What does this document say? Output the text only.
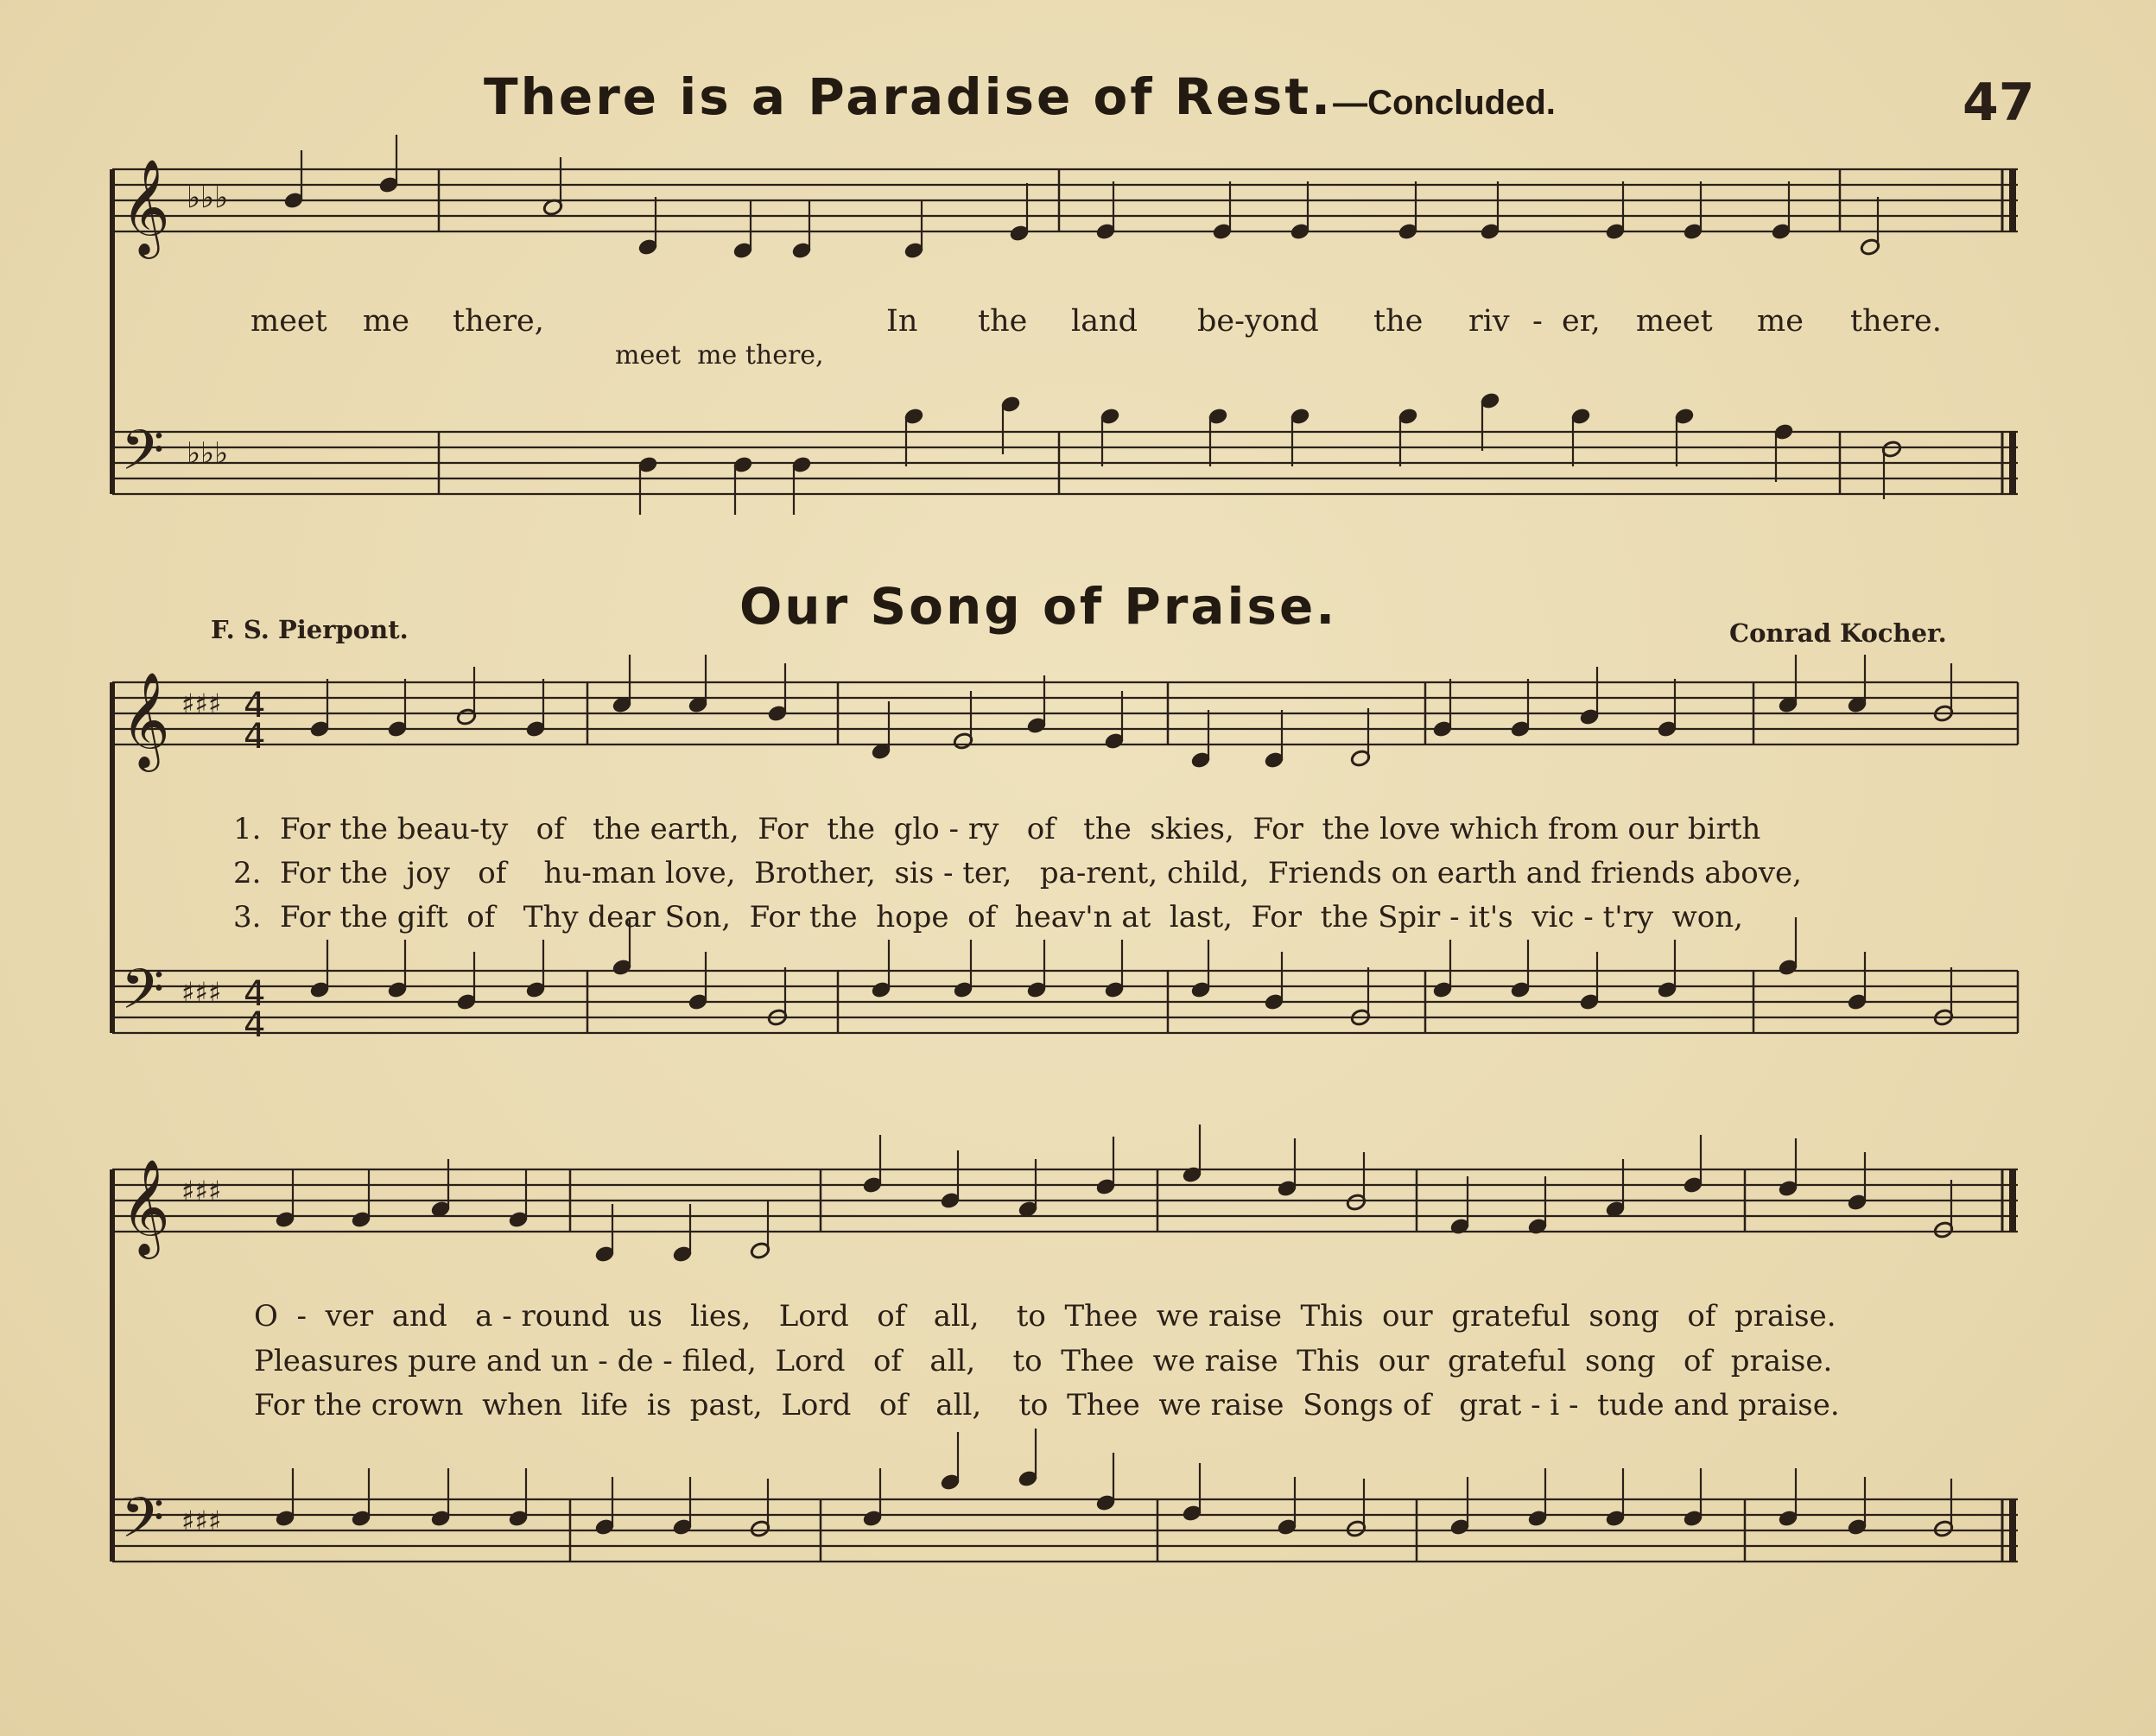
There is a Paradise of Rest.—Concluded.	47
meet me there,	In the land be-yond the riv - er, meet me there.
meet  me there,
F. S. Pierpont.	Our Song of Praise.	Conrad Kocher.
1.  For the beau-ty   of   the earth,  For  the  glo - ry   of   the  skies,  For  the love which from our birth
2.  For the  joy   of    hu-man love,  Brother,  sis - ter,   pa-rent, child,  Friends on earth and friends above,
3.  For the gift  of   Thy dear Son,  For the  hope  of  heav'n at  last,  For  the Spir - it's  vic - t'ry  won,
O  -  ver  and   a - round  us   lies,   Lord   of   all,    to  Thee  we raise  This  our  grateful  song   of  praise.
Pleasures pure and un - de - filed,  Lord   of   all,    to  Thee  we raise  This  our  grateful  song   of  praise.
For the crown  when  life  is  past,  Lord   of   all,    to  Thee  we raise  Songs of   grat - i -  tude and praise.
𝄞
𝄢
♭♭♭
♭♭♭
𝄞
𝄢
♯♯♯
♯♯♯
4
4
4
4
𝄞
𝄢
♯♯♯
♯♯♯
